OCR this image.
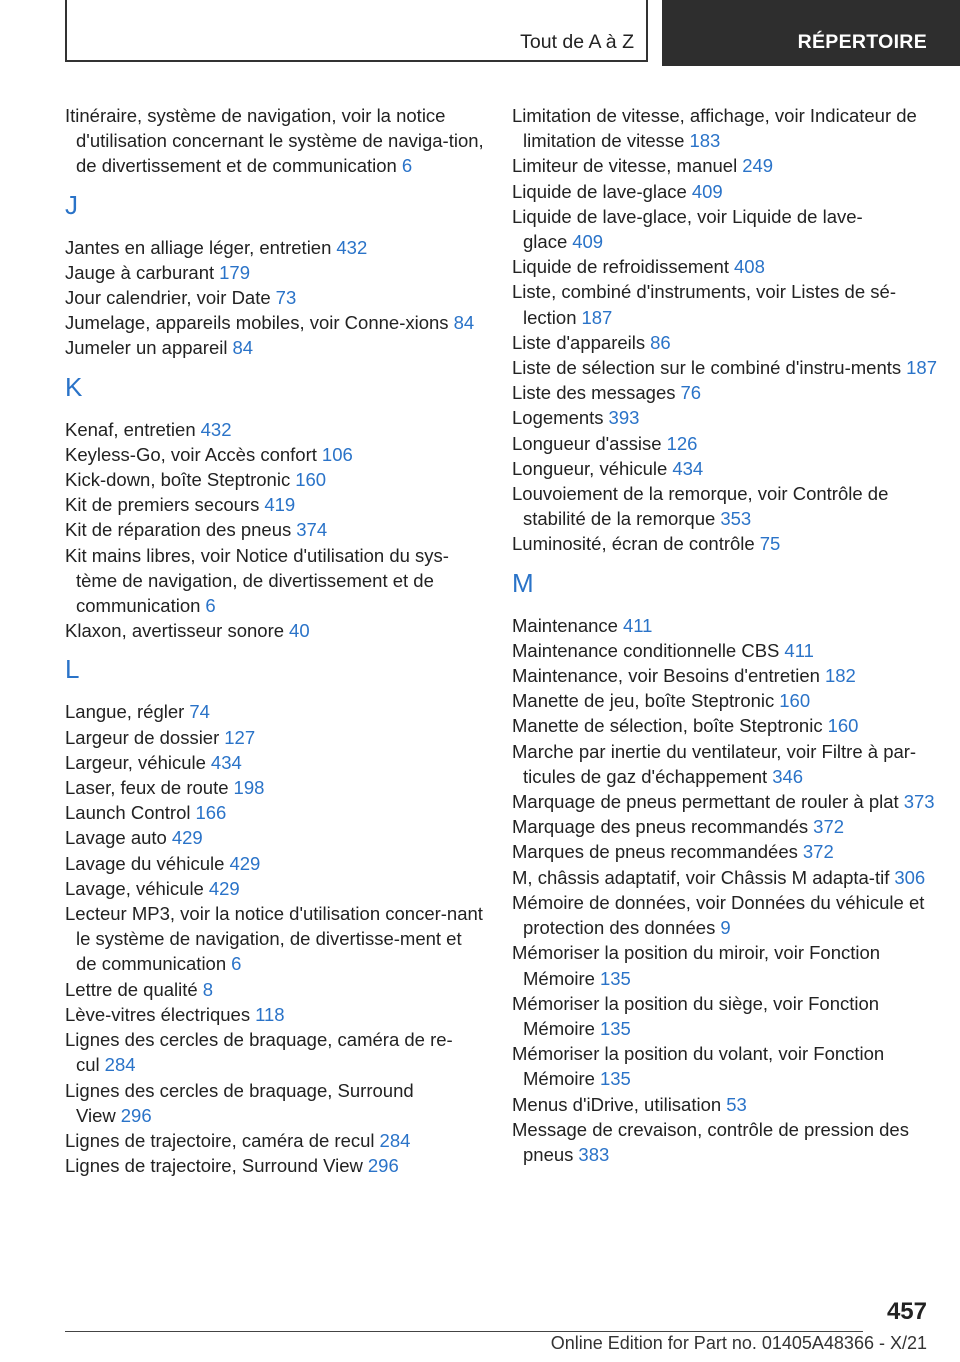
Tout de A à Z	RÉPERTOIRE
Itinéraire, système de navigation, voir la notice d'utilisation concernant le système de naviga-tion, de divertissement et de communication 6
J
Jantes en alliage léger, entretien 432
Jauge à carburant 179
Jour calendrier, voir Date 73
Jumelage, appareils mobiles, voir Conne-xions 84
Jumeler un appareil 84
K
Kenaf, entretien 432
Keyless-Go, voir Accès confort 106
Kick-down, boîte Steptronic 160
Kit de premiers secours 419
Kit de réparation des pneus 374
Kit mains libres, voir Notice d'utilisation du sys-tème de navigation, de divertissement et de communication 6
Klaxon, avertisseur sonore 40
L
Langue, régler 74
Largeur de dossier 127
Largeur, véhicule 434
Laser, feux de route 198
Launch Control 166
Lavage auto 429
Lavage du véhicule 429
Lavage, véhicule 429
Lecteur MP3, voir la notice d'utilisation concer-nant le système de navigation, de divertisse-ment et de communication 6
Lettre de qualité 8
Lève-vitres électriques 118
Lignes des cercles de braquage, caméra de re-cul 284
Lignes des cercles de braquage, Surround View 296
Lignes de trajectoire, caméra de recul 284
Lignes de trajectoire, Surround View 296
Limitation de vitesse, affichage, voir Indicateur de limitation de vitesse 183
Limiteur de vitesse, manuel 249
Liquide de lave-glace 409
Liquide de lave-glace, voir Liquide de lave-glace 409
Liquide de refroidissement 408
Liste, combiné d'instruments, voir Listes de sé-lection 187
Liste d'appareils 86
Liste de sélection sur le combiné d'instru-ments 187
Liste des messages 76
Logements 393
Longueur d'assise 126
Longueur, véhicule 434
Louvoiement de la remorque, voir Contrôle de stabilité de la remorque 353
Luminosité, écran de contrôle 75
M
Maintenance 411
Maintenance conditionnelle CBS 411
Maintenance, voir Besoins d'entretien 182
Manette de jeu, boîte Steptronic 160
Manette de sélection, boîte Steptronic 160
Marche par inertie du ventilateur, voir Filtre à par-ticules de gaz d'échappement 346
Marquage de pneus permettant de rouler à plat 373
Marquage des pneus recommandés 372
Marques de pneus recommandées 372
M, châssis adaptatif, voir Châssis M adapta-tif 306
Mémoire de données, voir Données du véhicule et protection des données 9
Mémoriser la position du miroir, voir Fonction Mémoire 135
Mémoriser la position du siège, voir Fonction Mémoire 135
Mémoriser la position du volant, voir Fonction Mémoire 135
Menus d'iDrive, utilisation 53
Message de crevaison, contrôle de pression des pneus 383
457
Online Edition for Part no. 01405A48366 - X/21
